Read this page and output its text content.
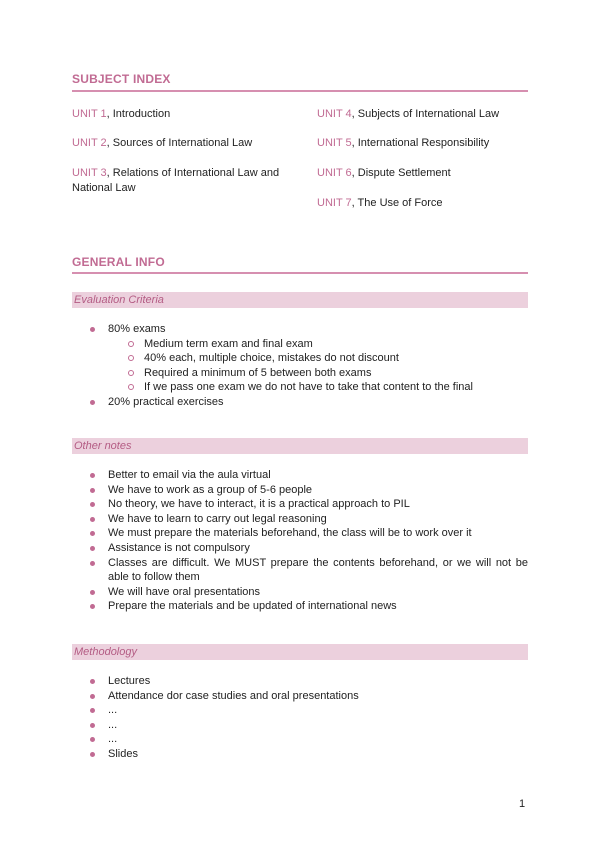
SUBJECT INDEX
UNIT 1, Introduction
UNIT 2, Sources of International Law
UNIT 3, Relations of International Law and National Law
UNIT 4, Subjects of International Law
UNIT 5, International Responsibility
UNIT 6, Dispute Settlement
UNIT 7, The Use of Force
GENERAL INFO
Evaluation Criteria
80% exams
Medium term exam and final exam
40% each, multiple choice, mistakes do not discount
Required a minimum of 5 between both exams
If we pass one exam we do not have to take that content to the final
20% practical exercises
Other notes
Better to email via the aula virtual
We have to work as a group of 5-6 people
No theory, we have to interact, it is a practical approach to PIL
We have to learn to carry out legal reasoning
We must prepare the materials beforehand, the class will be to work over it
Assistance is not compulsory
Classes are difficult. We MUST prepare the contents beforehand, or we will not be able to follow them
We will have oral presentations
Prepare the materials and be updated of international news
Methodology
Lectures
Attendance dor case studies and oral presentations
...
...
...
Slides
1
